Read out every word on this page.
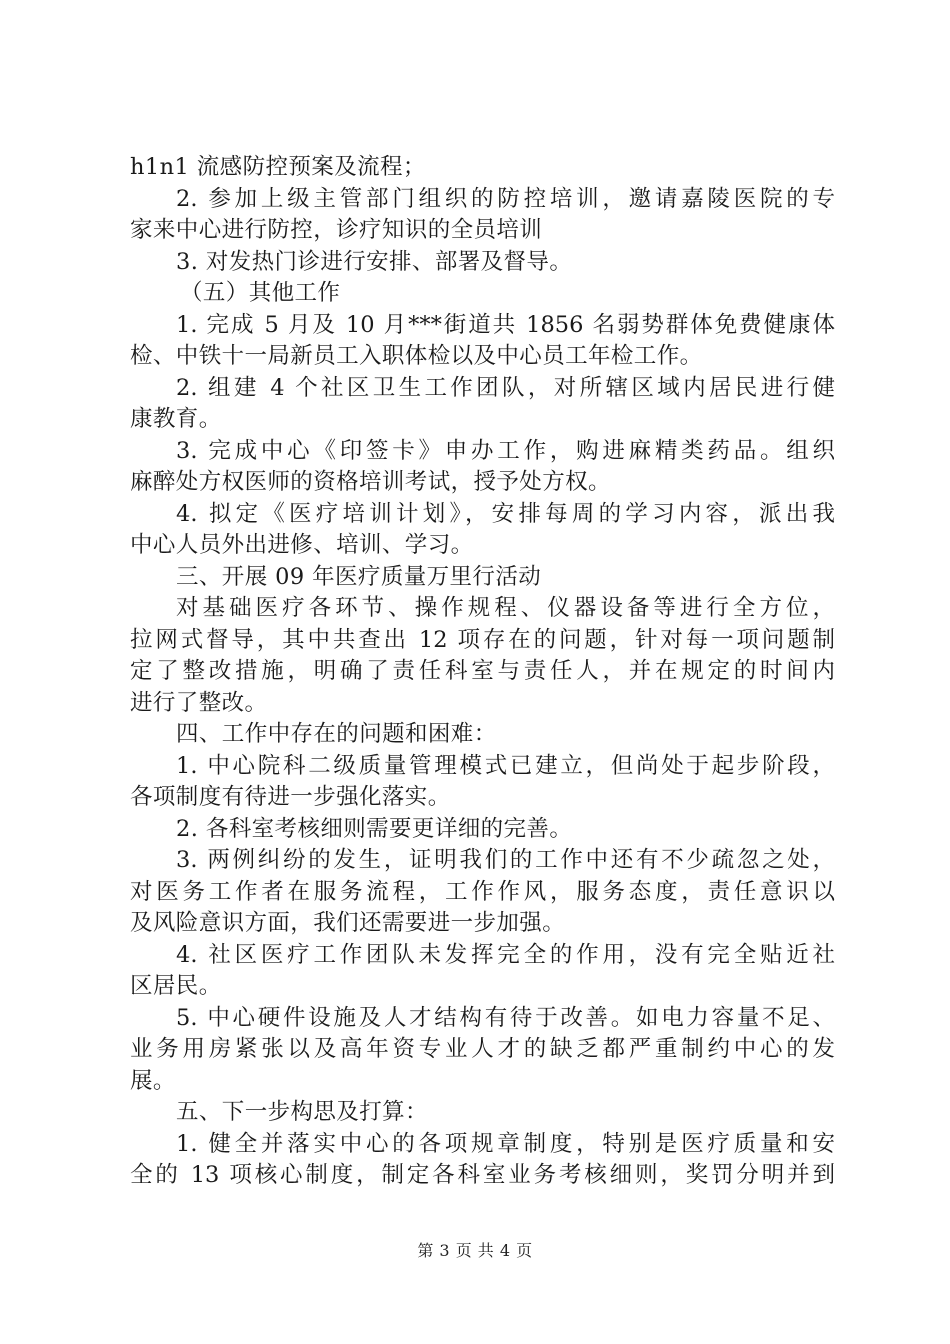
h1n1 流感防控预案及流程；
2. 参加上级主管部门组织的防控培训，邀请嘉陵医院的专
家来中心进行防控，诊疗知识的全员培训
3. 对发热门诊进行安排、部署及督导。
（五）其他工作
1. 完成 5 月及 10 月***街道共 1856 名弱势群体免费健康体
检、中铁十一局新员工入职体检以及中心员工年检工作。
2. 组建 4 个社区卫生工作团队，对所辖区域内居民进行健
康教育。
3. 完成中心《印签卡》申办工作，购进麻精类药品。组织
麻醉处方权医师的资格培训考试，授予处方权。
4. 拟定《医疗培训计划》，安排每周的学习内容，派出我
中心人员外出进修、培训、学习。
三、开展 09 年医疗质量万里行活动
对基础医疗各环节、操作规程、仪器设备等进行全方位，
拉网式督导，其中共查出 12 项存在的问题，针对每一项问题制
定了整改措施，明确了责任科室与责任人，并在规定的时间内
进行了整改。
四、工作中存在的问题和困难：
1. 中心院科二级质量管理模式已建立，但尚处于起步阶段，
各项制度有待进一步强化落实。
2. 各科室考核细则需要更详细的完善。
3. 两例纠纷的发生，证明我们的工作中还有不少疏忽之处，
对医务工作者在服务流程，工作作风，服务态度，责任意识以
及风险意识方面，我们还需要进一步加强。
4. 社区医疗工作团队未发挥完全的作用，没有完全贴近社
区居民。
5. 中心硬件设施及人才结构有待于改善。如电力容量不足、
业务用房紧张以及高年资专业人才的缺乏都严重制约中心的发
展。
五、下一步构思及打算：
1. 健全并落实中心的各项规章制度，特别是医疗质量和安
全的 13 项核心制度，制定各科室业务考核细则，奖罚分明并到
第 3 页 共 4 页
